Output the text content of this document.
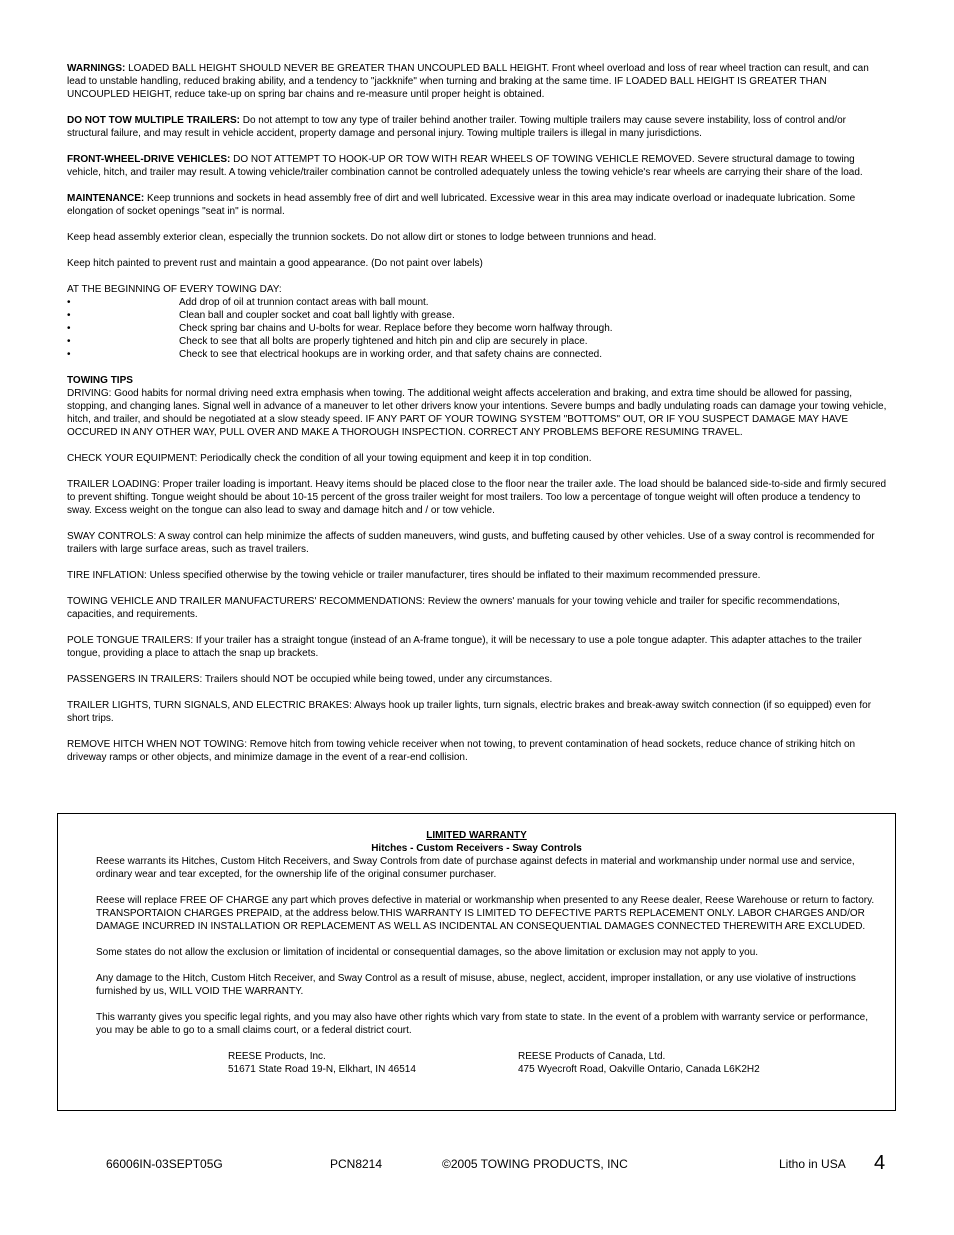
WARNINGS: LOADED BALL HEIGHT SHOULD NEVER BE GREATER THAN UNCOUPLED BALL HEIGHT. Front wheel overload and loss of rear wheel traction can result, and can lead to unstable handling, reduced braking ability, and a tendency to "jackknife" when turning and braking at the same time. IF LOADED BALL HEIGHT IS GREATER THAN UNCOUPLED HEIGHT, reduce take-up on spring bar chains and re-measure until proper height is obtained.

DO NOT TOW MULTIPLE TRAILERS: Do not attempt to tow any type of trailer behind another trailer. Towing multiple trailers may cause severe instability, loss of control and/or structural failure, and may result in vehicle accident, property damage and personal injury. Towing multiple trailers is illegal in many jurisdictions.

FRONT-WHEEL-DRIVE VEHICLES: DO NOT ATTEMPT TO HOOK-UP OR TOW WITH REAR WHEELS OF TOWING VEHICLE REMOVED. Severe structural damage to towing vehicle, hitch, and trailer may result. A towing vehicle/trailer combination cannot be controlled adequately unless the towing vehicle's rear wheels are carrying their share of the load.

MAINTENANCE: Keep trunnions and sockets in head assembly free of dirt and well lubricated. Excessive wear in this area may indicate overload or inadequate lubrication. Some elongation of socket openings "seat in" is normal.

Keep head assembly exterior clean, especially the trunnion sockets. Do not allow dirt or stones to lodge between trunnions and head.

Keep hitch painted to prevent rust and maintain a good appearance. (Do not paint over labels)

AT THE BEGINNING OF EVERY TOWING DAY:
•	Add drop of oil at trunnion contact areas with ball mount.
•	Clean ball and coupler socket and coat ball lightly with grease.
•	Check spring bar chains and U-bolts for wear. Replace before they become worn halfway through.
•	Check to see that all bolts are properly tightened and hitch pin and clip are securely in place.
•	Check to see that electrical hookups are in working order, and that safety chains are connected.
TOWING TIPS

DRIVING: Good habits for normal driving need extra emphasis when towing. The additional weight affects acceleration and braking, and extra time should be allowed for passing, stopping, and changing lanes. Signal well in advance of a maneuver to let other drivers know your intentions. Severe bumps and badly undulating roads can damage your towing vehicle, hitch, and trailer, and should be negotiated at a slow steady speed. IF ANY PART OF YOUR TOWING SYSTEM "BOTTOMS" OUT, OR IF YOU SUSPECT DAMAGE MAY HAVE OCCURED IN ANY OTHER WAY, PULL OVER AND MAKE A THOROUGH INSPECTION. CORRECT ANY PROBLEMS BEFORE RESUMING TRAVEL.

CHECK YOUR EQUIPMENT: Periodically check the condition of all your towing equipment and keep it in top condition.

TRAILER LOADING: Proper trailer loading is important. Heavy items should be placed close to the floor near the trailer axle. The load should be balanced side-to-side and firmly secured to prevent shifting. Tongue weight should be about 10-15 percent of the gross trailer weight for most trailers. Too low a percentage of tongue weight will often produce a tendency to sway. Excess weight on the tongue can also lead to sway and damage hitch and / or tow vehicle.

SWAY CONTROLS: A sway control can help minimize the affects of sudden maneuvers, wind gusts, and buffeting caused by other vehicles. Use of a sway control is recommended for trailers with large surface areas, such as travel trailers.

TIRE INFLATION: Unless specified otherwise by the towing vehicle or trailer manufacturer, tires should be inflated to their maximum recommended pressure.

TOWING VEHICLE AND TRAILER MANUFACTURERS' RECOMMENDATIONS: Review the owners' manuals for your towing vehicle and trailer for specific recommendations, capacities, and requirements.

POLE TONGUE TRAILERS: If your trailer has a straight tongue (instead of an A-frame tongue), it will be necessary to use a pole tongue adapter. This adapter attaches to the trailer tongue, providing a place to attach the snap up brackets.

PASSENGERS IN TRAILERS: Trailers should NOT be occupied while being towed, under any circumstances.

TRAILER LIGHTS, TURN SIGNALS, AND ELECTRIC BRAKES: Always hook up trailer lights, turn signals, electric brakes and break-away switch connection (if so equipped) even for short trips.

REMOVE HITCH WHEN NOT TOWING: Remove hitch from towing vehicle receiver when not towing, to prevent contamination of head sockets, reduce chance of striking hitch on driveway ramps or other objects, and minimize damage in the event of a rear-end collision.

LIMITED WARRANTY
Hitches - Custom Receivers - Sway Controls

Reese warrants its Hitches, Custom Hitch Receivers, and Sway Controls from date of purchase against defects in material and workmanship under normal use and service, ordinary wear and tear excepted, for the ownership life of the original consumer purchaser.

Reese will replace FREE OF CHARGE any part which proves defective in material or workmanship when presented to any Reese dealer, Reese Warehouse or return to factory. TRANSPORTAION CHARGES PREPAID, at the address below.THIS WARRANTY IS LIMITED TO DEFECTIVE PARTS REPLACEMENT ONLY. LABOR CHARGES AND/OR DAMAGE INCURRED IN INSTALLATION OR REPLACEMENT AS WELL AS INCIDENTAL AN CONSEQUENTIAL DAMAGES CONNECTED THEREWITH ARE EXCLUDED.

Some states do not allow the exclusion or limitation of incidental or consequential damages, so the above limitation or exclusion may not apply to you.

Any damage to the Hitch, Custom Hitch Receiver, and Sway Control as a result of misuse, abuse, neglect, accident, improper installation, or any use violative of instructions furnished by us, WILL VOID THE WARRANTY.

This warranty gives you specific legal rights, and you may also have other rights which vary from state to state. In the event of a problem with warranty service or performance, you may be able to go to a small claims court, or a federal district court.

REESE Products, Inc.
51671 State Road 19-N, Elkhart, IN 46514
REESE Products of Canada, Ltd.
475 Wyecroft Road, Oakville Ontario, Canada L6K2H2
66006IN-03SEPT05G	PCN8214	©2005 TOWING PRODUCTS, INC	Litho in USA 4
